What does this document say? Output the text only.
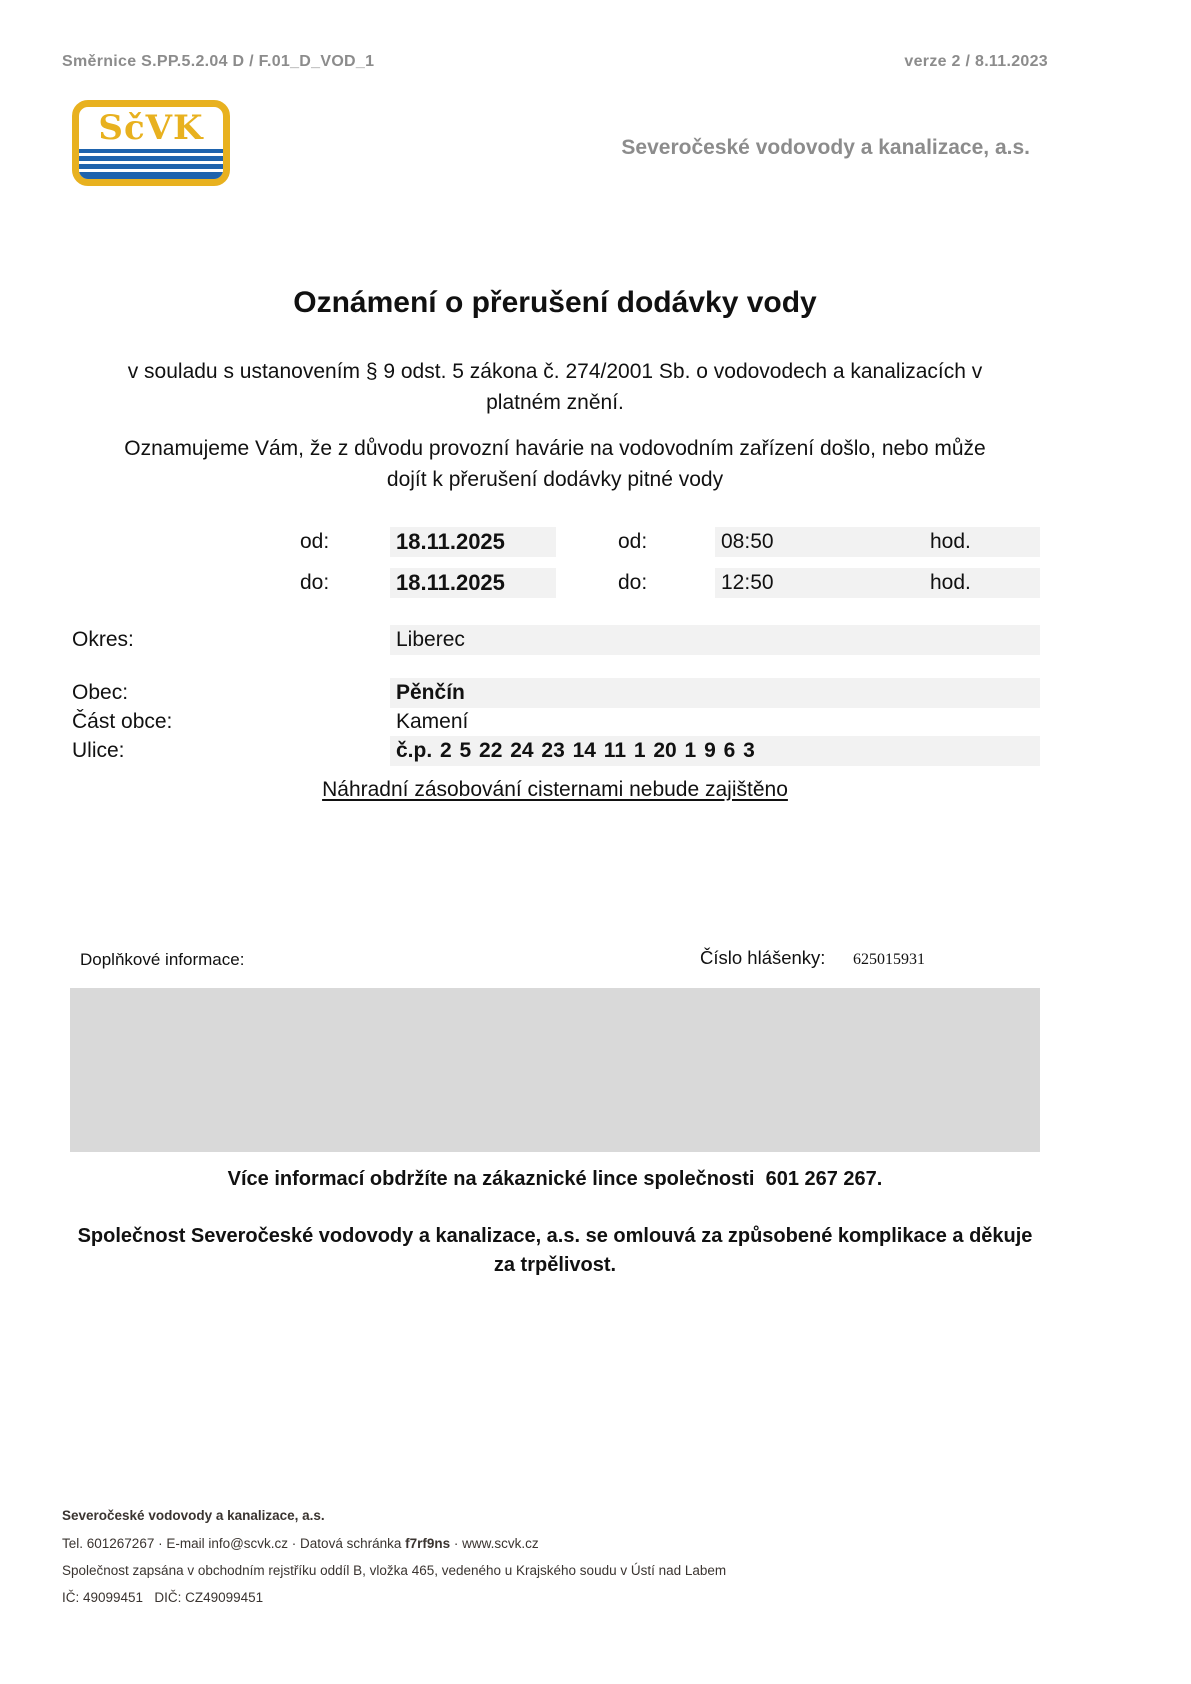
Směrnice S.PP.5.2.04 D / F.01_D_VOD_1	verze 2 / 8.11.2023
SčVK	Severočeské vodovody a kanalizace, a.s.
Oznámení o přerušení dodávky vody

v souladu s ustanovením § 9 odst. 5 zákona č. 274/2001 Sb. o vodovodech a kanalizacích v platném znění.

Oznamujeme Vám, že z důvodu provozní havárie na vodovodním zařízení došlo, nebo může dojít k přerušení dodávky pitné vody

od:	18.11.2025	od:	08:50	hod.
do:	18.11.2025	do:	12:50	hod.
Okres:	Liberec
Obec:	Pěnčín
Část obce:	Kamení
Ulice:	č.p. 2 5 22 24 23 14 11 1 20 1 9 6 3

Náhradní zásobování cisternami nebude zajištěno

Doplňkové informace:	Číslo hlášenky: 625015931

Více informací obdržíte na zákaznické lince společnosti  601 267 267.

Společnost Severočeské vodovody a kanalizace, a.s. se omlouvá za způsobené komplikace a děkuje za trpělivost.

Severočeské vodovody a kanalizace, a.s.
Tel. 601267267 · E-mail info@scvk.cz · Datová schránka f7rf9ns · www.scvk.cz
Společnost zapsána v obchodním rejstříku oddíl B, vložka 465, vedeného u Krajského soudu v Ústí nad Labem
IČ: 49099451   DIČ: CZ49099451
